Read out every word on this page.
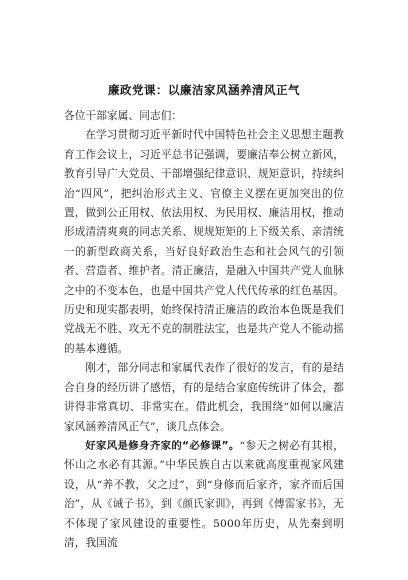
廉政党课：以廉洁家风涵养清风正气

各位干部家属、同志们：

在学习贯彻习近平新时代中国特色社会主义思想主题教育工作会议上，习近平总书记强调，要廉洁奉公树立新风，教育引导广大党员、干部增强纪律意识、规矩意识，持续纠治“四风”，把纠治形式主义、官僚主义摆在更加突出的位置，做到公正用权、依法用权、为民用权、廉洁用权，推动形成清清爽爽的同志关系、规规矩矩的上下级关系、亲清统一的新型政商关系，当好良好政治生态和社会风气的引领者、营造者、维护者。清正廉洁，是融入中国共产党人血脉之中的不变本色，也是中国共产党人代代传承的红色基因。历史和现实都表明，始终保持清正廉洁的政治本色既是我们党战无不胜、攻无不克的制胜法宝，也是共产党人不能动摇的基本遵循。

刚才，部分同志和家属代表作了很好的发言，有的是结合自身的经历讲了感悟，有的是结合家庭传统讲了体会，都讲得非常真切、非常实在。借此机会，我围绕“如何以廉洁家风涵养清风正气”，谈几点体会。

好家风是修身齐家的“必修课”。“参天之树必有其根，怀山之水必有其源。”中华民族自古以来就高度重视家风建设，从“养不教，父之过”，到“身修而后家齐，家齐而后国治”，从《诫子书》，到《颜氏家训》，再到《傅雷家书》，无不体现了家风建设的重要性。5000年历史，从先秦到明清，我国流
